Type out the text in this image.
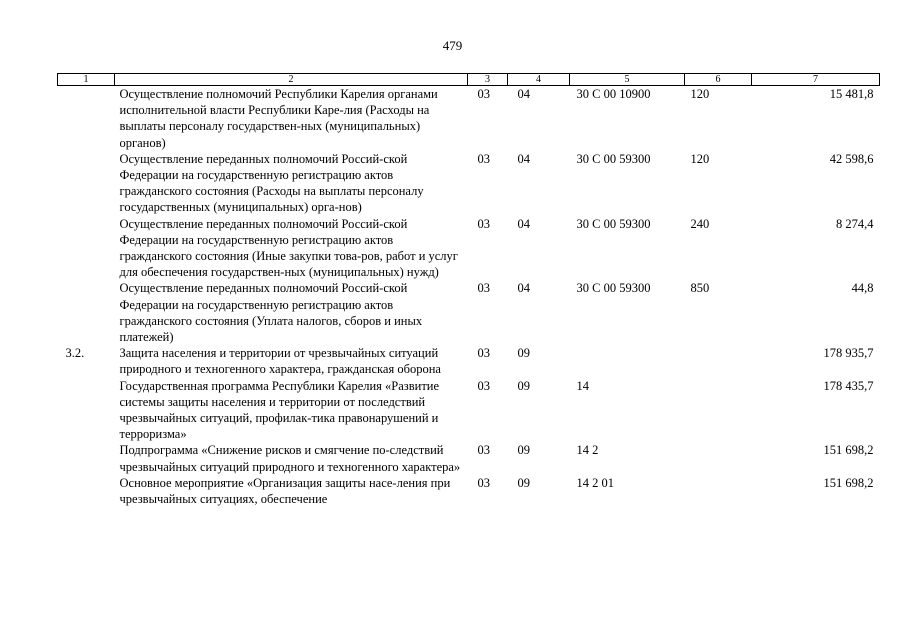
479
1	2	3	4	5	6	7
	Осуществление полномочий Республики Карелия органами исполнительной власти Республики Каре-лия (Расходы на выплаты персоналу государствен-ных (муниципальных) органов)	03	04	30 С 00 10900	120	15 481,8
	Осуществление переданных полномочий Россий-ской Федерации на государственную регистрацию актов гражданского состояния (Расходы на выплаты персоналу государственных (муниципальных) орга-нов)	03	04	30 С 00 59300	120	42 598,6
	Осуществление переданных полномочий Россий-ской Федерации на государственную регистрацию актов гражданского состояния (Иные закупки това-ров, работ и услуг для обеспечения государствен-ных (муниципальных) нужд)	03	04	30 С 00 59300	240	8 274,4
	Осуществление переданных полномочий Россий-ской Федерации на государственную регистрацию актов гражданского состояния (Уплата налогов, сборов и иных платежей)	03	04	30 С 00 59300	850	44,8
3.2.	Защита населения и территории от чрезвычайных ситуаций природного и техногенного характера, гражданская оборона	03	09			178 935,7
	Государственная программа Республики Карелия «Развитие системы защиты населения и территории от последствий чрезвычайных ситуаций, профилак-тика правонарушений и терроризма»	03	09	14		178 435,7
	Подпрограмма «Снижение рисков и смягчение по-следствий чрезвычайных ситуаций природного и техногенного характера»	03	09	14 2		151 698,2
	Основное мероприятие «Организация защиты насе-ления при чрезвычайных ситуациях, обеспечение	03	09	14 2 01		151 698,2
